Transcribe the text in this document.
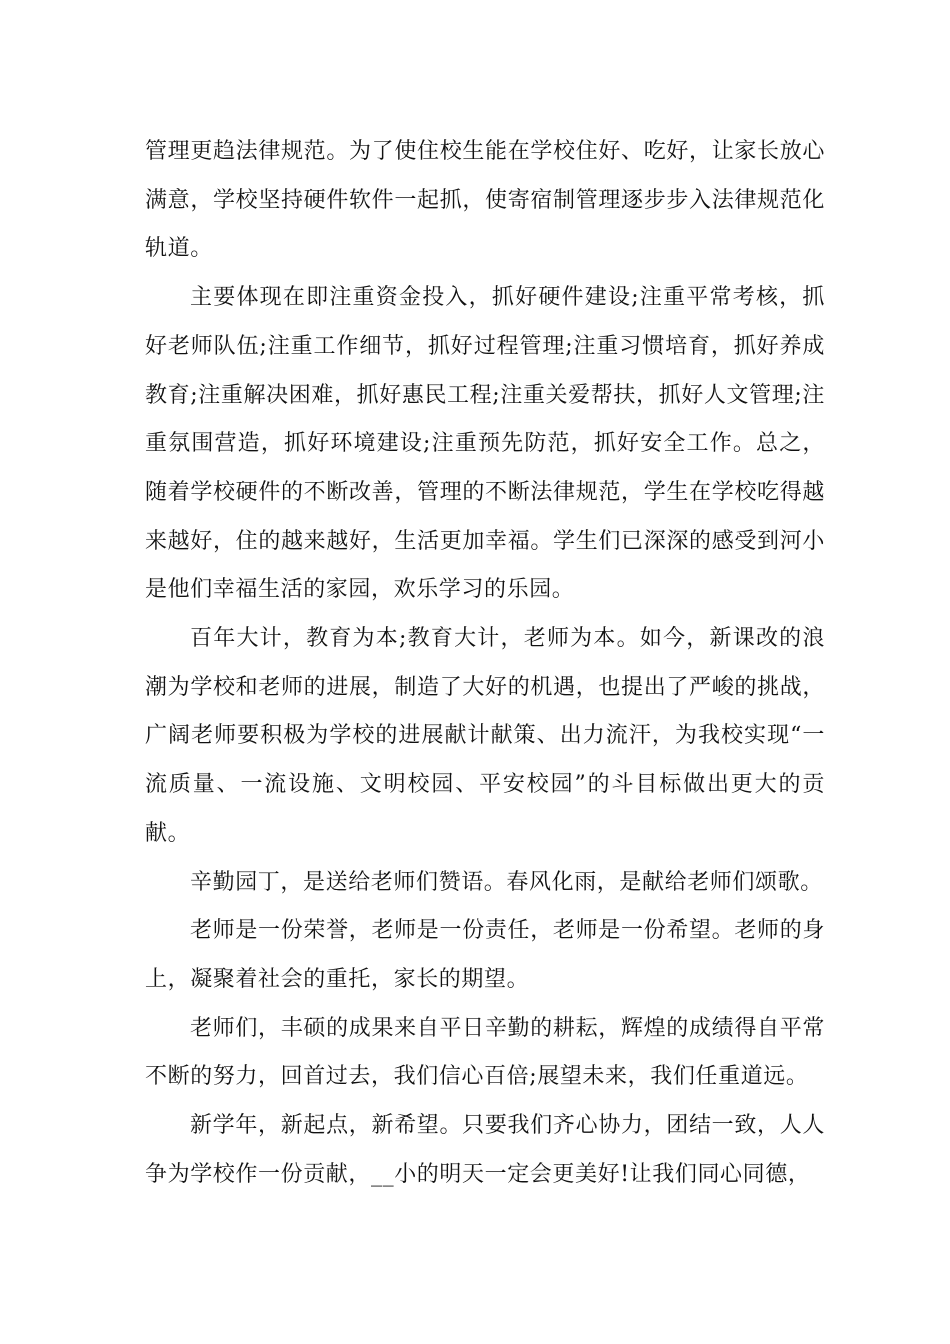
管理更趋法律规范。为了使住校生能在学校住好、吃好，让家长放心满意，学校坚持硬件软件一起抓，使寄宿制管理逐步步入法律规范化轨道。

主要体现在即注重资金投入，抓好硬件建设;注重平常考核，抓好老师队伍;注重工作细节，抓好过程管理;注重习惯培育，抓好养成教育;注重解决困难，抓好惠民工程;注重关爱帮扶，抓好人文管理;注重氛围营造，抓好环境建设;注重预先防范，抓好安全工作。总之，随着学校硬件的不断改善，管理的不断法律规范，学生在学校吃得越来越好，住的越来越好，生活更加幸福。学生们已深深的感受到河小是他们幸福生活的家园，欢乐学习的乐园。

百年大计，教育为本;教育大计，老师为本。如今，新课改的浪潮为学校和老师的进展，制造了大好的机遇，也提出了严峻的挑战，广阔老师要积极为学校的进展献计献策、出力流汗，为我校实现“一流质量、一流设施、文明校园、平安校园”的斗目标做出更大的贡献。

辛勤园丁，是送给老师们赞语。春风化雨，是献给老师们颂歌。

老师是一份荣誉，老师是一份责任，老师是一份希望。老师的身上，凝聚着社会的重托，家长的期望。

老师们，丰硕的成果来自平日辛勤的耕耘，辉煌的成绩得自平常不断的努力，回首过去，我们信心百倍;展望未来，我们任重道远。

新学年，新起点，新希望。只要我们齐心协力，团结一致，人人争为学校作一份贡献，__小的明天一定会更美好!让我们同心同德，
